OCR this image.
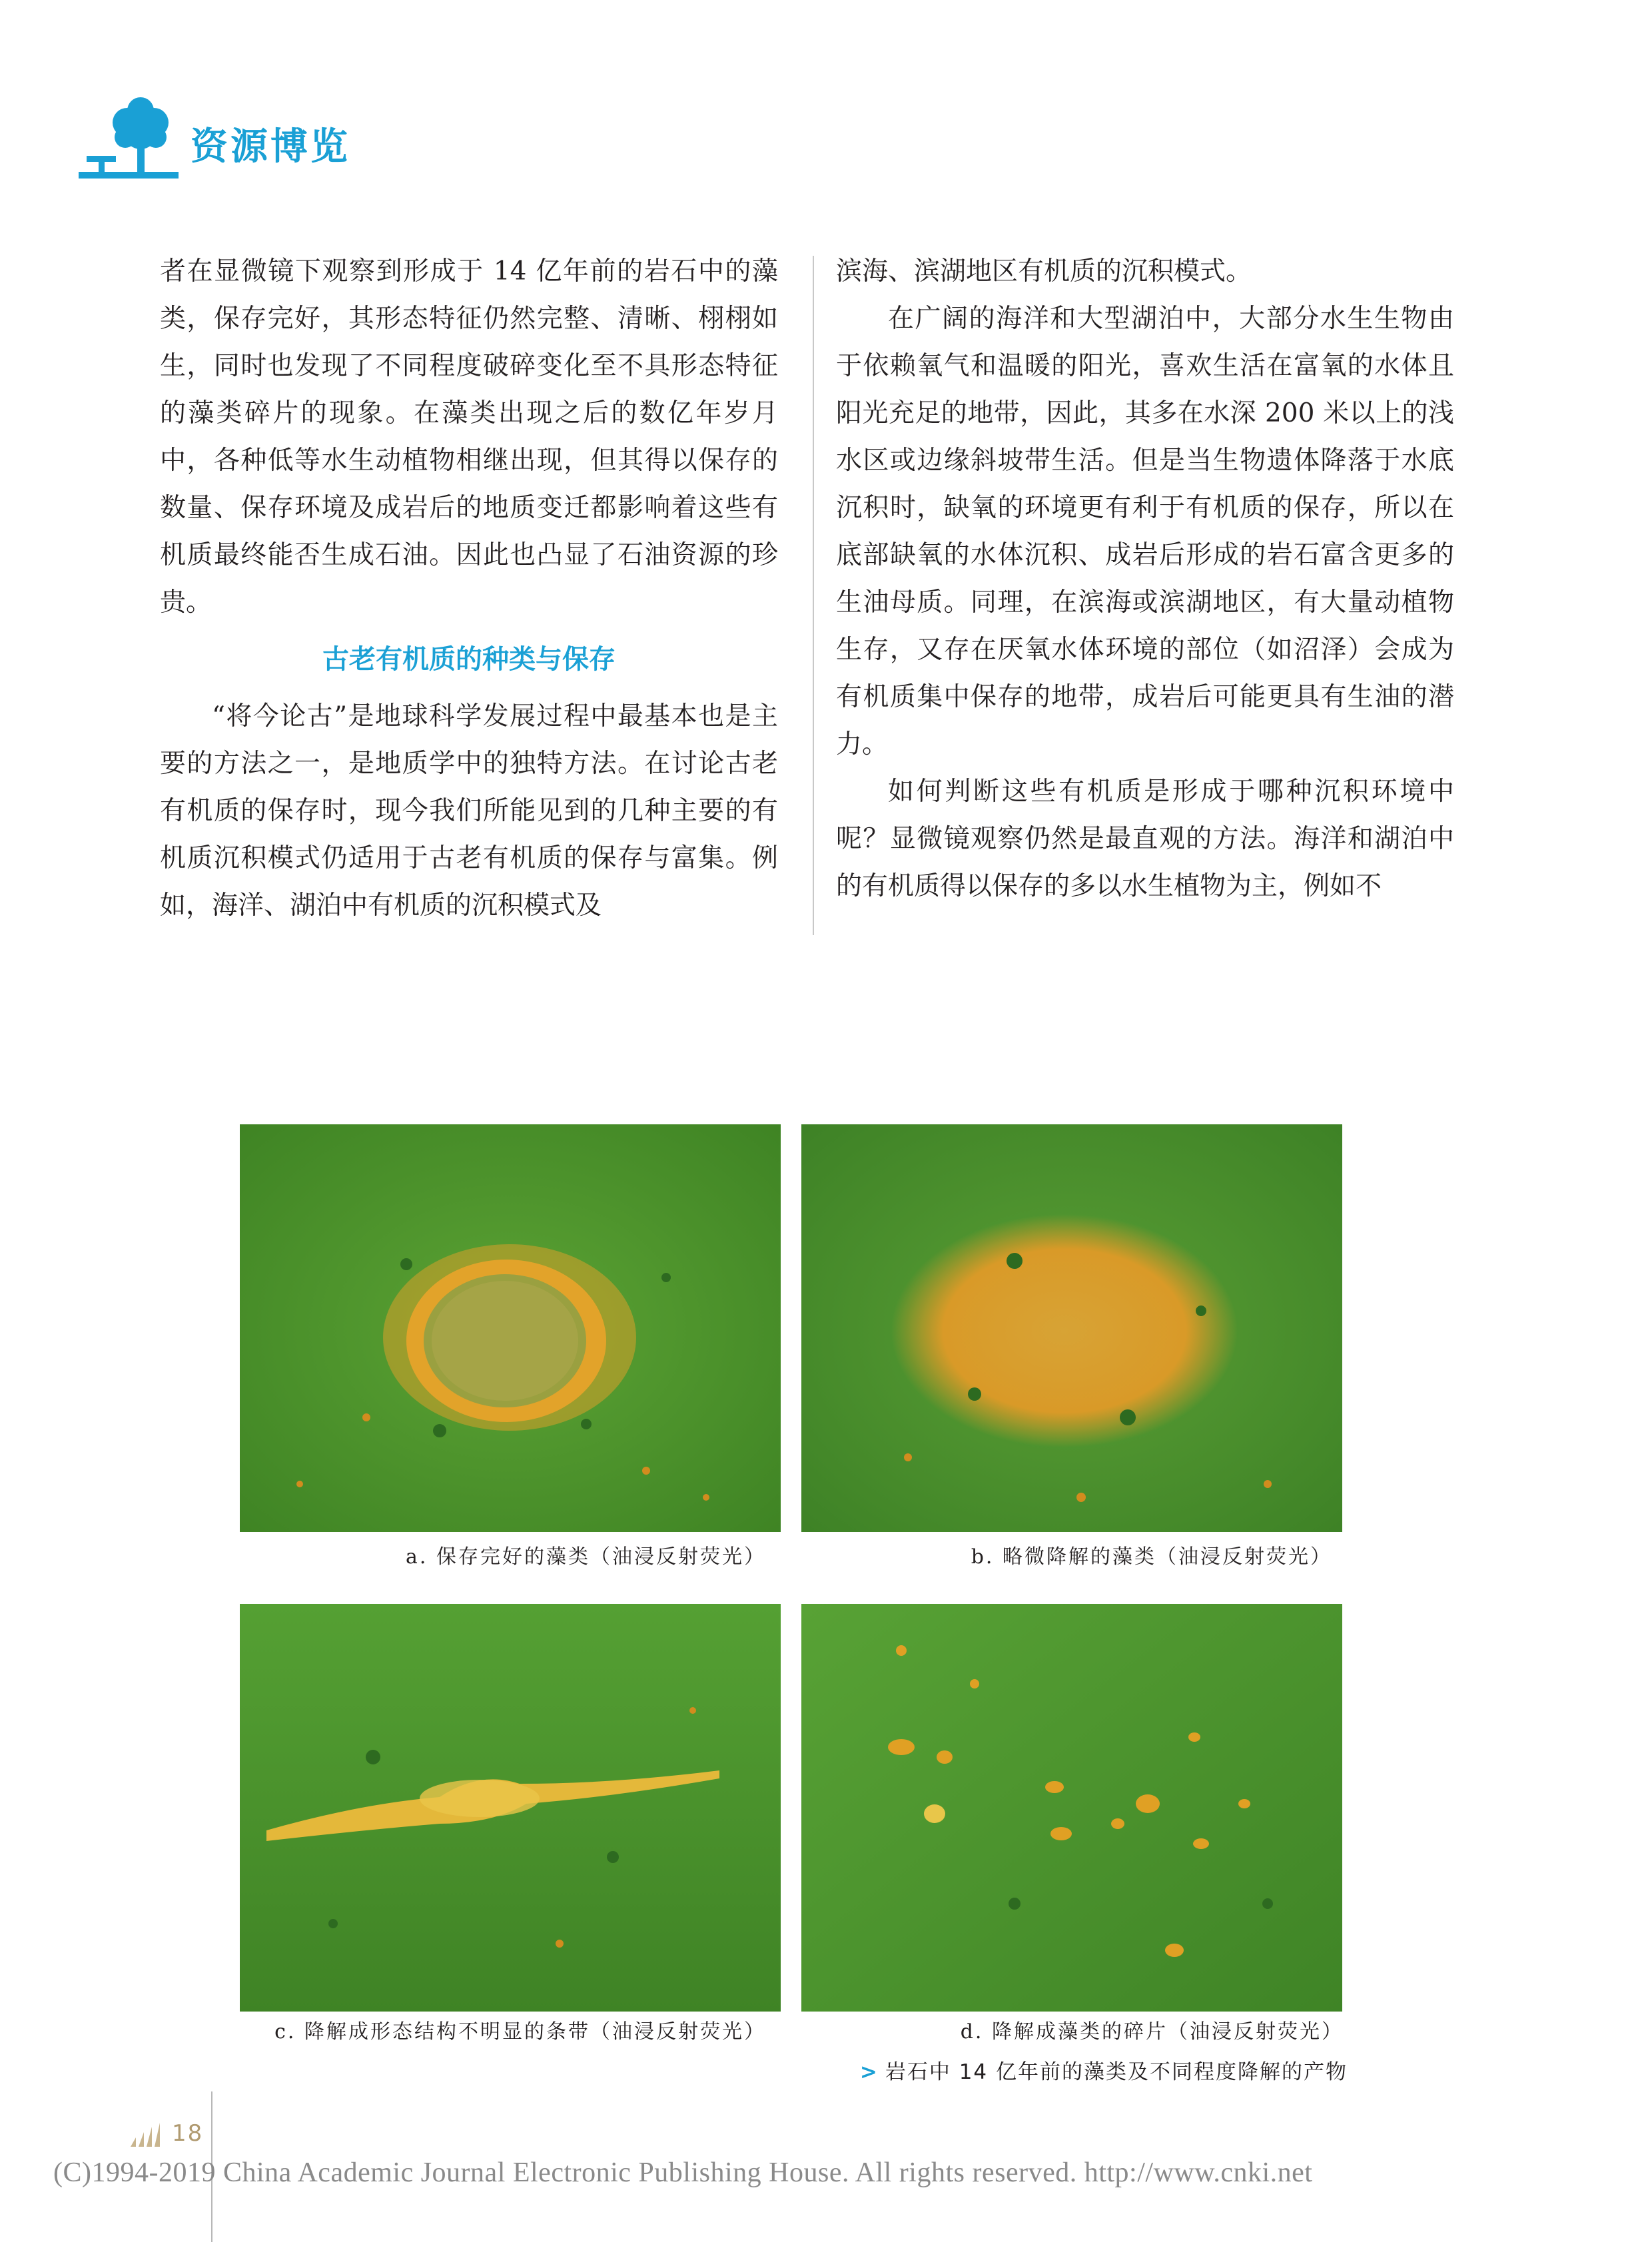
资源博览

者在显微镜下观察到形成于 14 亿年前的岩石中的藻类，保存完好，其形态特征仍然完整、清晰、栩栩如生，同时也发现了不同程度破碎变化至不具形态特征的藻类碎片的现象。在藻类出现之后的数亿年岁月中，各种低等水生动植物相继出现，但其得以保存的数量、保存环境及成岩后的地质变迁都影响着这些有机质最终能否生成石油。因此也凸显了石油资源的珍贵。

古老有机质的种类与保存

“将今论古”是地球科学发展过程中最基本也是主要的方法之一，是地质学中的独特方法。在讨论古老有机质的保存时，现今我们所能见到的几种主要的有机质沉积模式仍适用于古老有机质的保存与富集。例如，海洋、湖泊中有机质的沉积模式及

滨海、滨湖地区有机质的沉积模式。

在广阔的海洋和大型湖泊中，大部分水生生物由于依赖氧气和温暖的阳光，喜欢生活在富氧的水体且阳光充足的地带，因此，其多在水深 200 米以上的浅水区或边缘斜坡带生活。但是当生物遗体降落于水底沉积时，缺氧的环境更有利于有机质的保存，所以在底部缺氧的水体沉积、成岩后形成的岩石富含更多的生油母质。同理，在滨海或滨湖地区，有大量动植物生存，又存在厌氧水体环境的部位（如沼泽）会成为有机质集中保存的地带，成岩后可能更具有生油的潜力。

如何判断这些有机质是形成于哪种沉积环境中呢？显微镜观察仍然是最直观的方法。海洋和湖泊中的有机质得以保存的多以水生植物为主，例如不

a. 保存完好的藻类（油浸反射荧光）	b. 略微降解的藻类（油浸反射荧光）
c. 降解成形态结构不明显的条带（油浸反射荧光）	d. 降解成藻类的碎片（油浸反射荧光）
> 岩石中 14 亿年前的藻类及不同程度降解的产物
18
(C)1994-2019 China Academic Journal Electronic Publishing House. All rights reserved. http://www.cnki.net
